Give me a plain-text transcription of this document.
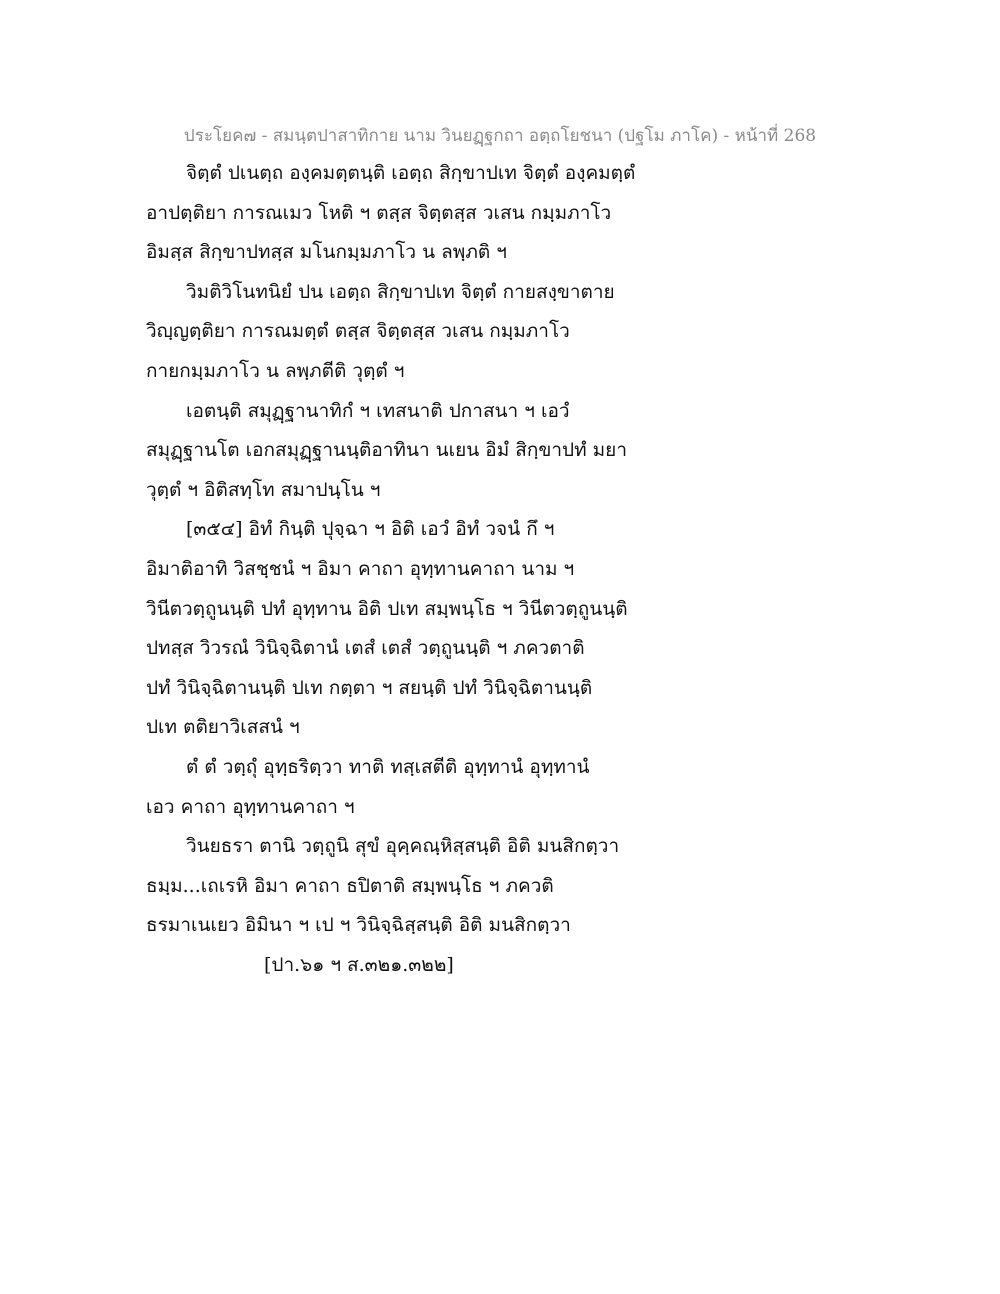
ประโยค๗ - สมนฺตปาสาทิกาย นาม วินยฏฺฐกถา อตฺถโยชนา (ปฐโม ภาโค) - หน้าที่ 268
จิตฺตํ ปเนตฺถ องฺคมตฺตนฺติ เอตฺถ สิกฺขาปเท จิตฺตํ องฺคมตฺตํ
อาปตฺติยา การณเมว โหติ ฯ ตสฺส จิตฺตสฺส วเสน กมฺมภาโว
อิมสฺส สิกฺขาปทสฺส มโนกมฺมภาโว น ลพฺภติ ฯ
วิมติวิโนทนิยํ ปน เอตฺถ สิกฺขาปเท จิตฺตํ กายสงฺขาตาย
วิญฺญตฺติยา การณมตฺตํ ตสฺส จิตฺตสฺส วเสน กมฺมภาโว
กายกมฺมภาโว น ลพฺภตีติ วุตฺตํ ฯ
เอตนฺติ สมุฏฺฐานาทิกํ ฯ เทสนาติ ปกาสนา ฯ เอวํ
สมุฏฺฐานโต เอกสมุฏฺฐานนฺติอาทินา นเยน อิมํ สิกฺขาปทํ มยา
วุตฺตํ ฯ อิติสทฺโท สมาปนฺโน ฯ
[๓๕๔] อิทํ กินฺติ ปุจฺฉา ฯ อิติ เอวํ อิทํ วจนํ กึ ฯ
อิมาติอาทิ วิสชฺชนํ ฯ อิมา คาถา อุทฺทานคาถา นาม ฯ
วินีตวตฺถูนนฺติ ปทํ อุทฺทาน อิติ ปเท สมฺพนฺโธ ฯ วินีตวตฺถูนนฺติ
ปทสฺส วิวรณํ วินิจฺฉิตานํ เตสํ เตสํ วตฺถูนนฺติ ฯ ภควตาติ
ปทํ วินิจฺฉิตานนฺติ ปเท กตฺตา ฯ สยนฺติ ปทํ วินิจฺฉิตานนฺติ
ปเท ตติยาวิเสสนํ ฯ
ตํ ตํ วตฺถุํ อุทฺธริตฺวา ทาติ ทสฺเสตีติ อุทฺทานํ อุทฺทานํ
เอว คาถา อุทฺทานคาถา ฯ
วินยธรา ตานิ วตฺถูนิ สุขํ อุคฺคณฺหิสฺสนฺติ อิติ มนสิกตฺวา
ธมฺม...เถเรหิ อิมา คาถา ธปิตาติ สมฺพนฺโธ ฯ ภควติ
ธรมาเนเยว อิมินา ฯ เป ฯ วินิจฺฉิสฺสนฺติ อิติ มนสิกตฺวา
[ปา.๖๑ ฯ ส.๓๒๑.๓๒๒]
